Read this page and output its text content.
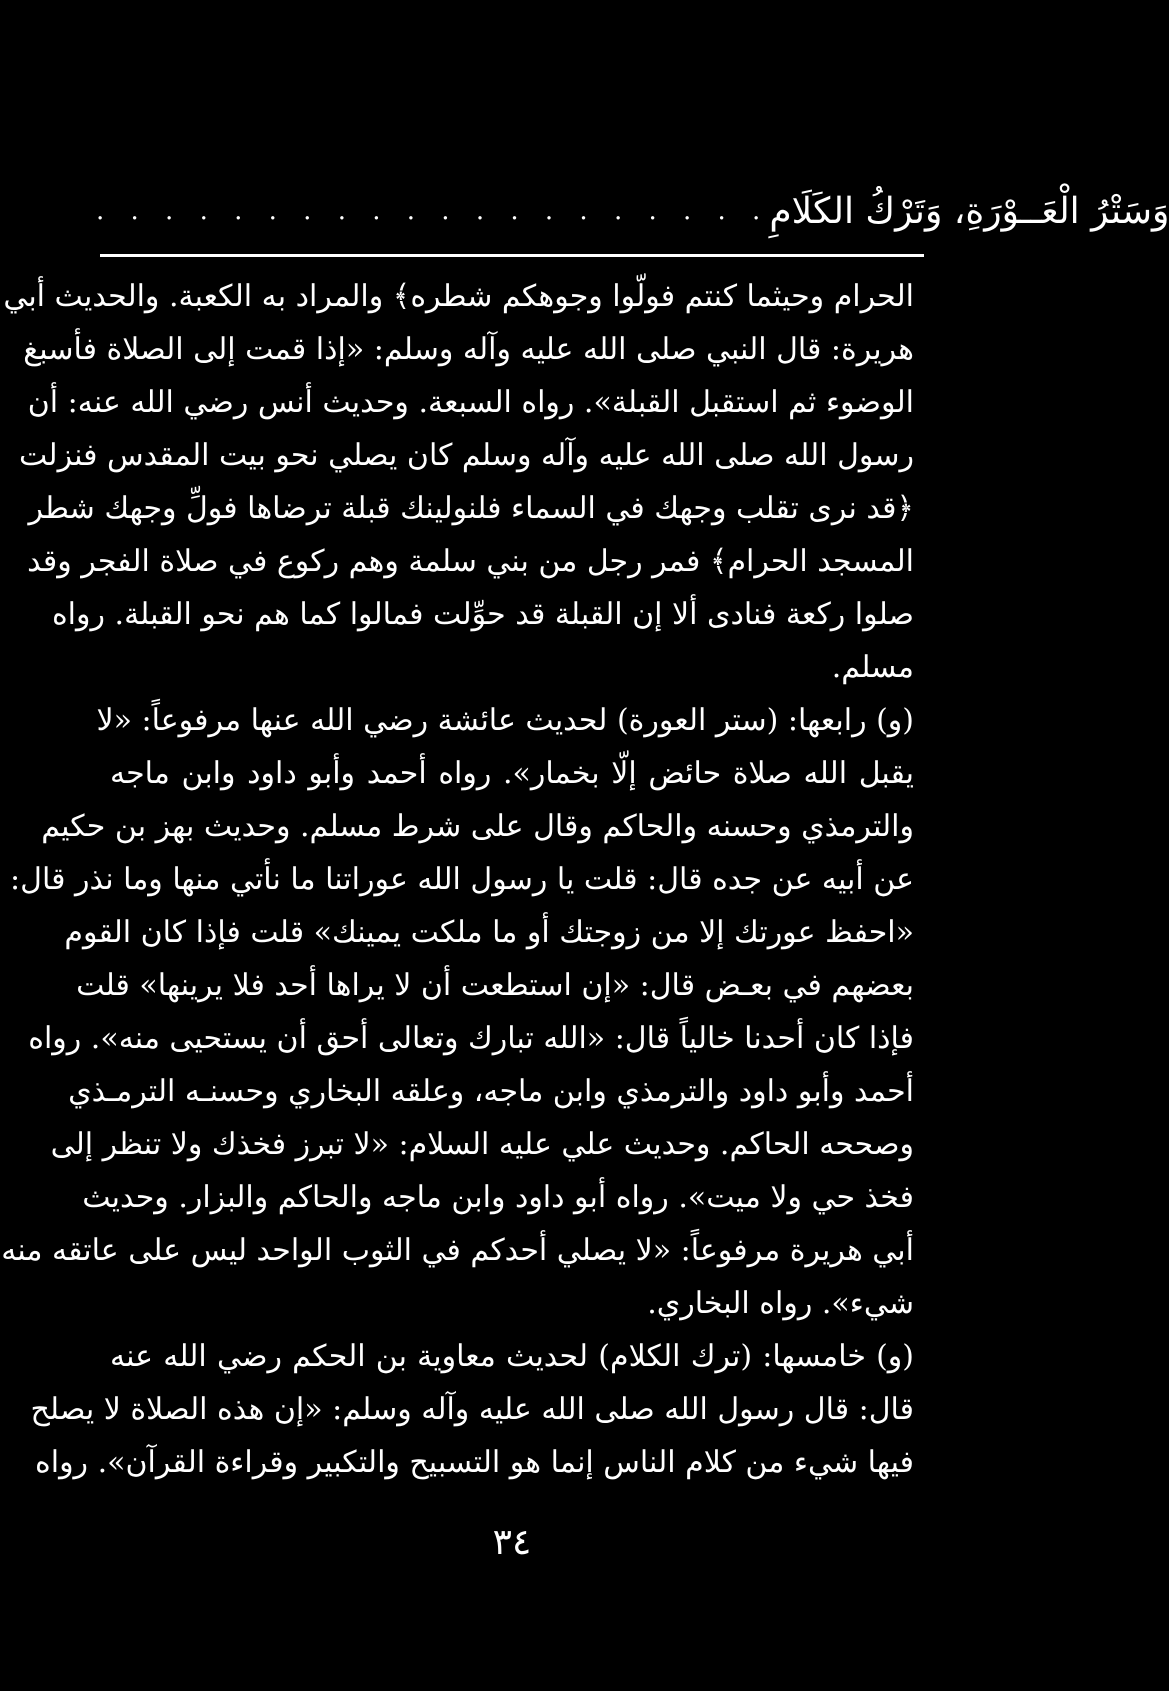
. . . . . . . . . . . . . . . . . . . . وَسَتْرُ الْعَــوْرَةِ، وَتَرْكُ الكَلَامِ
الحرام وحيثما كنتم فولّوا وجوهكم شطره﴾ والمراد به الكعبة. والحديث أبي
هريرة: قال النبي صلى الله عليه وآله وسلم: «إذا قمت إلى الصلاة فأسبغ
الوضوء ثم استقبل القبلة». رواه السبعة. وحديث أنس رضي الله عنه: أن
رسول الله صلى الله عليه وآله وسلم كان يصلي نحو بيت المقدس فنزلت
﴿قد نرى تقلب وجهك في السماء فلنولينك قبلة ترضاها فولِّ وجهك شطر
المسجد الحرام﴾ فمر رجل من بني سلمة وهم ركوع في صلاة الفجر وقد
صلوا ركعة فنادى ألا إن القبلة قد حوِّلت فمالوا كما هم نحو القبلة. رواه
مسلم.
(و) رابعها: (ستر العورة) لحديث عائشة رضي الله عنها مرفوعاً: «لا
يقبل الله صلاة حائض إلّا بخمار». رواه أحمد وأبو داود وابن ماجه
والترمذي وحسنه والحاكم وقال على شرط مسلم. وحديث بهز بن حكيم
عن أبيه عن جده قال: قلت يا رسول الله عوراتنا ما نأتي منها وما نذر قال:
«احفظ عورتك إلا من زوجتك أو ما ملكت يمينك» قلت فإذا كان القوم
بعضهم في بعـض قال: «إن استطعت أن لا يراها أحد فلا يرينها» قلت
فإذا كان أحدنا خالياً قال: «الله تبارك وتعالى أحق أن يستحيى منه». رواه
أحمد وأبو داود والترمذي وابن ماجه، وعلقه البخاري وحسنـه الترمـذي
وصححه الحاكم. وحديث علي عليه السلام: «لا تبرز فخذك ولا تنظر إلى
فخذ حي ولا ميت». رواه أبو داود وابن ماجه والحاكم والبزار. وحديث
أبي هريرة مرفوعاً: «لا يصلي أحدكم في الثوب الواحد ليس على عاتقه منه
شيء». رواه البخاري.
(و) خامسها: (ترك الكلام) لحديث معاوية بن الحكم رضي الله عنه
قال: قال رسول الله صلى الله عليه وآله وسلم: «إن هذه الصلاة لا يصلح
فيها شيء من كلام الناس إنما هو التسبيح والتكبير وقراءة القرآن». رواه
٣٤
